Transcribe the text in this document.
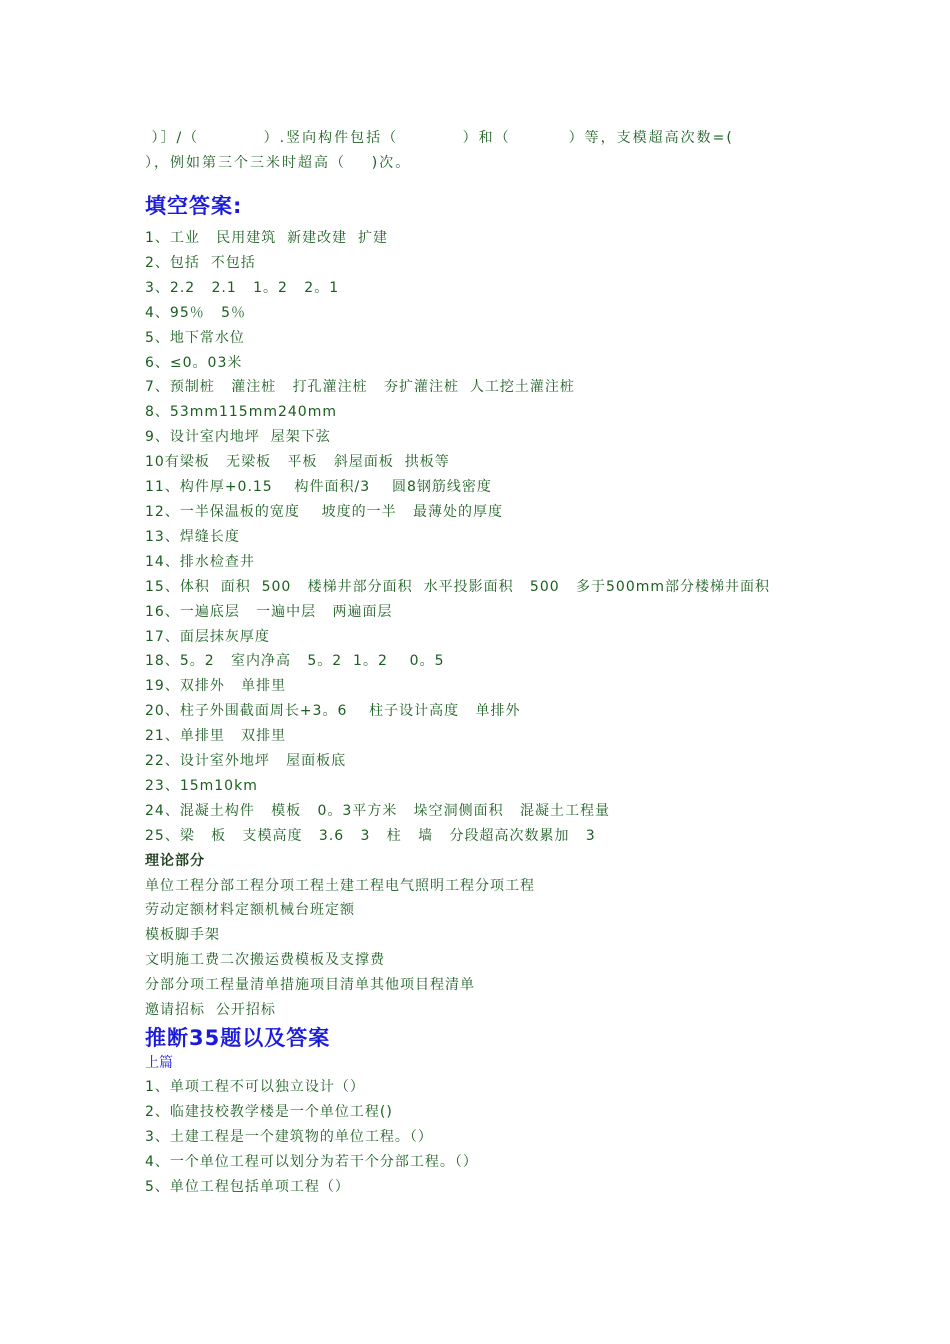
）］/（          ）.竖向构件包括（          ）和（         ）等，支模超高次数=(
），例如第三个三米时超高（    )次。
填空答案:
1、工业   民用建筑  新建改建  扩建
2、包括  不包括
3、2.2   2.1   1。2   2。1
4、95％   5％
5、地下常水位
6、≤0。03米
7、预制桩   灌注桩   打孔灌注桩   夯扩灌注桩  人工挖土灌注桩
8、53mm115mm240mm
9、设计室内地坪  屋架下弦
10有梁板   无梁板   平板   斜屋面板  拱板等
11、构件厚+0.15    构件面积/3    圆8钢筋线密度
12、一半保温板的宽度    坡度的一半   最薄处的厚度
13、焊缝长度
14、排水检查井
15、体积  面积  500   楼梯井部分面积  水平投影面积   500   多于500mm部分楼梯井面积
16、一遍底层   一遍中层   两遍面层
17、面层抹灰厚度
18、5。2   室内净高   5。2  1。2    0。5
19、双排外   单排里
20、柱子外围截面周长+3。6    柱子设计高度   单排外
21、单排里   双排里
22、设计室外地坪   屋面板底
23、15m10km
24、混凝土构件   模板   0。3平方米   垛空洞侧面积   混凝土工程量
25、梁   板   支模高度   3.6   3   柱   墙   分段超高次数累加   3
理论部分
单位工程分部工程分项工程土建工程电气照明工程分项工程
劳动定额材料定额机械台班定额
模板脚手架
文明施工费二次搬运费模板及支撑费
分部分项工程量清单措施项目清单其他项目程清单
邀请招标  公开招标
推断35题以及答案
上篇
1、单项工程不可以独立设计（）
2、临建技校教学楼是一个单位工程()
3、土建工程是一个建筑物的单位工程。（）
4、一个单位工程可以划分为若干个分部工程。（）
5、单位工程包括单项工程（）
